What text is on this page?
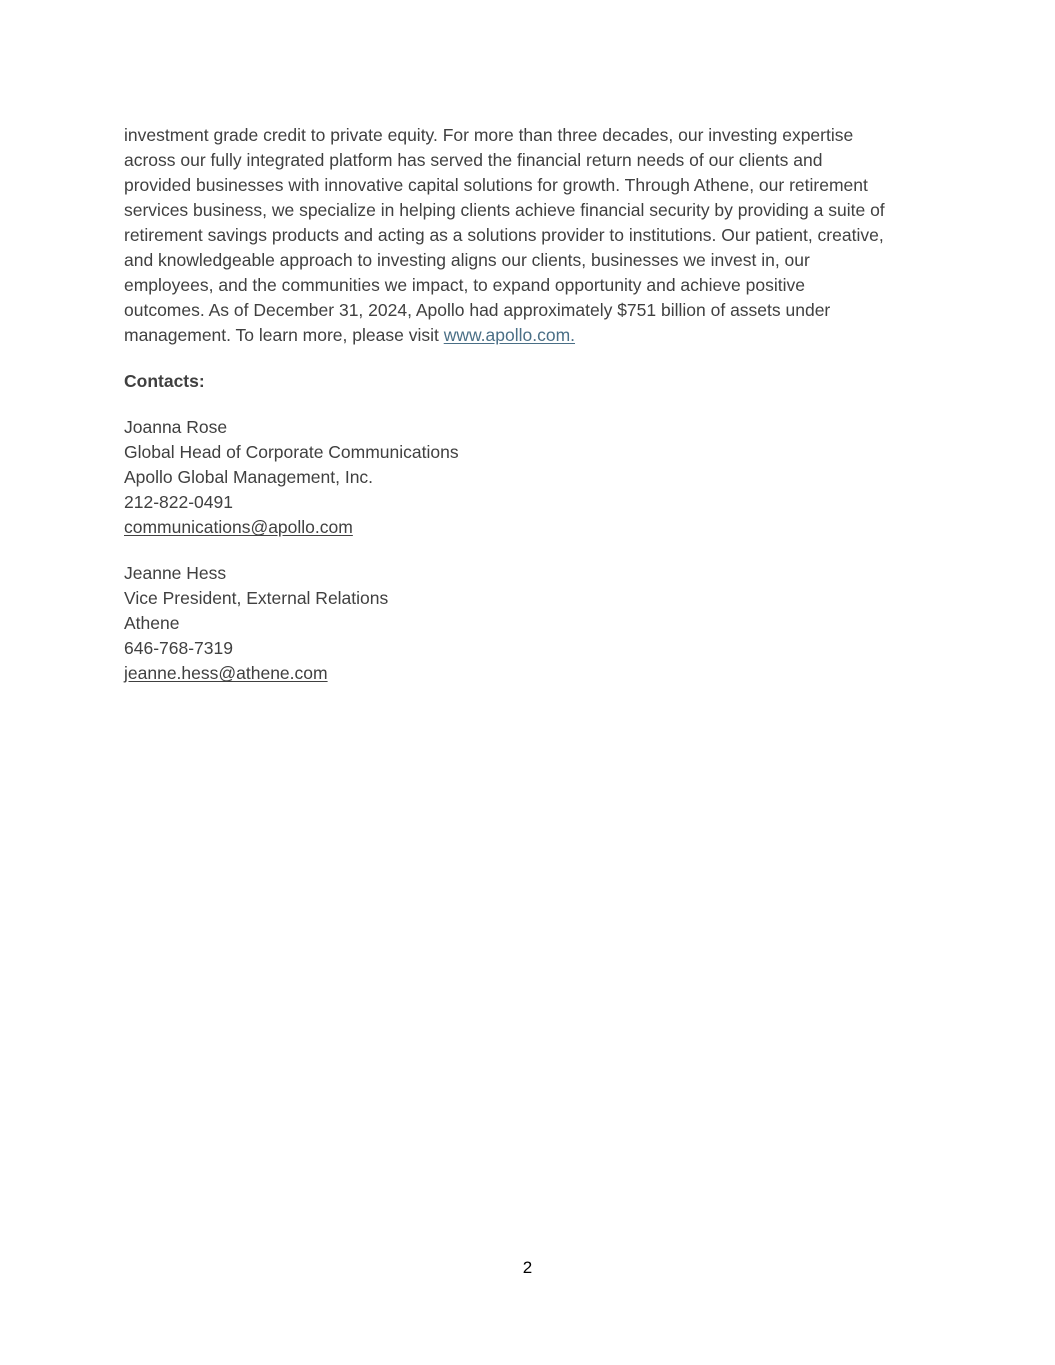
investment grade credit to private equity. For more than three decades, our investing expertise
across our fully integrated platform has served the financial return needs of our clients and
provided businesses with innovative capital solutions for growth. Through Athene, our retirement
services business, we specialize in helping clients achieve financial security by providing a suite of
retirement savings products and acting as a solutions provider to institutions. Our patient, creative,
and knowledgeable approach to investing aligns our clients, businesses we invest in, our
employees, and the communities we impact, to expand opportunity and achieve positive
outcomes. As of December 31, 2024, Apollo had approximately $751 billion of assets under
management. To learn more, please visit www.apollo.com.

Contacts:

Joanna Rose
Global Head of Corporate Communications
Apollo Global Management, Inc.
212-822-0491
communications@apollo.com
Jeanne Hess
Vice President, External Relations
Athene
646-768-7319
jeanne.hess@athene.com
2
